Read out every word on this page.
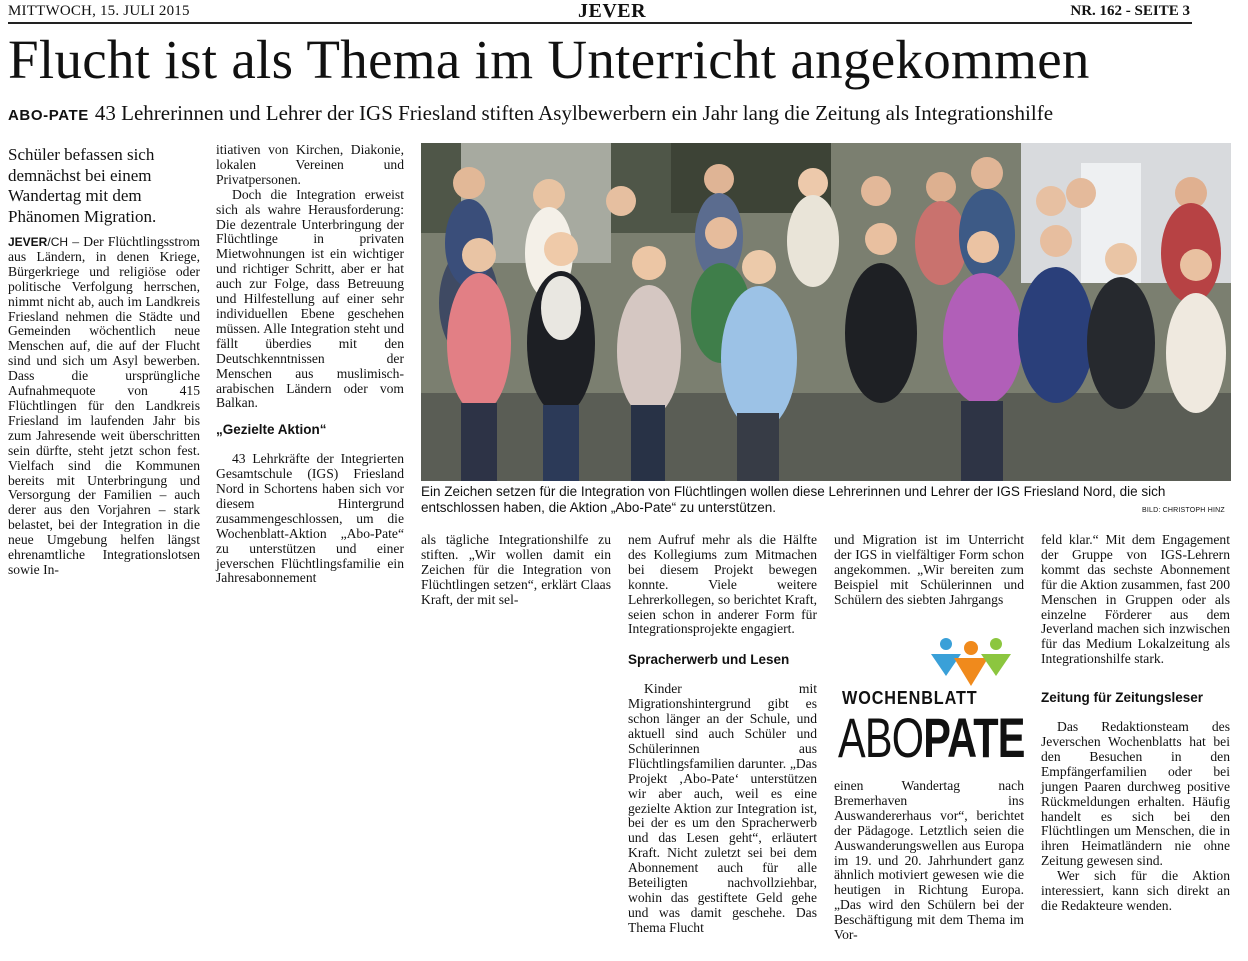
MITTWOCH, 15. JULI 2015	JEVER	NR. 162 - SEITE 3
Flucht ist als Thema im Unterricht angekommen
ABO-PATE 43 Lehrerinnen und Lehrer der IGS Friesland stiften Asylbewerbern ein Jahr lang die Zeitung als Integrationshilfe
Schüler befassen sich demnächst bei einem Wandertag mit dem Phänomen Migration.

JEVER/CH – Der Flüchtlingsstrom aus Ländern, in denen Kriege, Bürgerkriege und religiöse oder politische Verfolgung herrschen, nimmt nicht ab, auch im Landkreis Friesland nehmen die Städte und Gemeinden wöchentlich neue Menschen auf, die auf der Flucht sind und sich um Asyl bewerben. Dass die ursprüngliche Aufnahmequote von 415 Flüchtlingen für den Landkreis Friesland im laufenden Jahr bis zum Jahresende weit überschritten sein dürfte, steht jetzt schon fest. Vielfach sind die Kommunen bereits mit Unterbringung und Versorgung der Familien – auch derer aus den Vorjahren – stark belastet, bei der Integration in die neue Umgebung helfen längst ehrenamtliche Integrationslotsen sowie In-

itiativen von Kirchen, Diakonie, lokalen Vereinen und Privatpersonen.

Doch die Integration erweist sich als wahre Herausforderung: Die dezentrale Unterbringung der Flüchtlinge in privaten Mietwohnungen ist ein wichtiger und richtiger Schritt, aber er hat auch zur Folge, dass Betreuung und Hilfestellung auf einer sehr individuellen Ebene geschehen müssen. Alle Integration steht und fällt überdies mit den Deutschkenntnissen der Menschen aus muslimisch-arabischen Ländern oder vom Balkan.

„Gezielte Aktion“

43 Lehrkräfte der Integrierten Gesamtschule (IGS) Friesland Nord in Schortens haben sich vor diesem Hintergrund zusammengeschlossen, um die Wochenblatt-Aktion „Abo-Pate“ zu unterstützen und einer jeverschen Flüchtlingsfamilie ein Jahresabonnement

Ein Zeichen setzen für die Integration von Flüchtlingen wollen diese Lehrerinnen und Lehrer der IGS Friesland Nord, die sich entschlossen haben, die Aktion „Abo-Pate“ zu unterstützen.	BILD: CHRISTOPH HINZ

als tägliche Integrationshilfe zu stiften. „Wir wollen damit ein Zeichen für die Integration von Flüchtlingen setzen“, erklärt Claas Kraft, der mit sel-

nem Aufruf mehr als die Hälfte des Kollegiums zum Mitmachen bei diesem Projekt bewegen konnte. Viele weitere Lehrerkollegen, so berichtet Kraft, seien schon in anderer Form für Integrationsprojekte engagiert.

Spracherwerb und Lesen

Kinder mit Migrationshintergrund gibt es schon länger an der Schule, und aktuell sind auch Schüler und Schülerinnen aus Flüchtlingsfamilien darunter. „Das Projekt ‚Abo-Pate‘ unterstützen wir aber auch, weil es eine gezielte Aktion zur Integration ist, bei der es um den Spracherwerb und das Lesen geht“, erläutert Kraft. Nicht zuletzt sei bei dem Abonnement auch für alle Beteiligten nachvollziehbar, wohin das gestiftete Geld gehe und was damit geschehe. Das Thema Flucht

und Migration ist im Unterricht der IGS in vielfältiger Form schon angekommen. „Wir bereiten zum Beispiel mit Schülerinnen und Schülern des siebten Jahrgangs

WOCHENBLATT
ABOPATE

einen Wandertag nach Bremerhaven ins Auswandererhaus vor“, berichtet der Pädagoge. Letztlich seien die Auswanderungswellen aus Europa im 19. und 20. Jahrhundert ganz ähnlich motiviert gewesen wie die heutigen in Richtung Europa. „Das wird den Schülern bei der Beschäftigung mit dem Thema im Vor-

feld klar.“ Mit dem Engagement der Gruppe von IGS-Lehrern kommt das sechste Abonnement für die Aktion zusammen, fast 200 Menschen in Gruppen oder als einzelne Förderer aus dem Jeverland machen sich inzwischen für das Medium Lokalzeitung als Integrationshilfe stark.

Zeitung für Zeitungsleser

Das Redaktionsteam des Jeverschen Wochenblatts hat bei den Besuchen in den Empfängerfamilien oder bei jungen Paaren durchweg positive Rückmeldungen erhalten. Häufig handelt es sich bei den Flüchtlingen um Menschen, die in ihren Heimatländern nie ohne Zeitung gewesen sind.

Wer sich für die Aktion interessiert, kann sich direkt an die Redakteure wenden.
